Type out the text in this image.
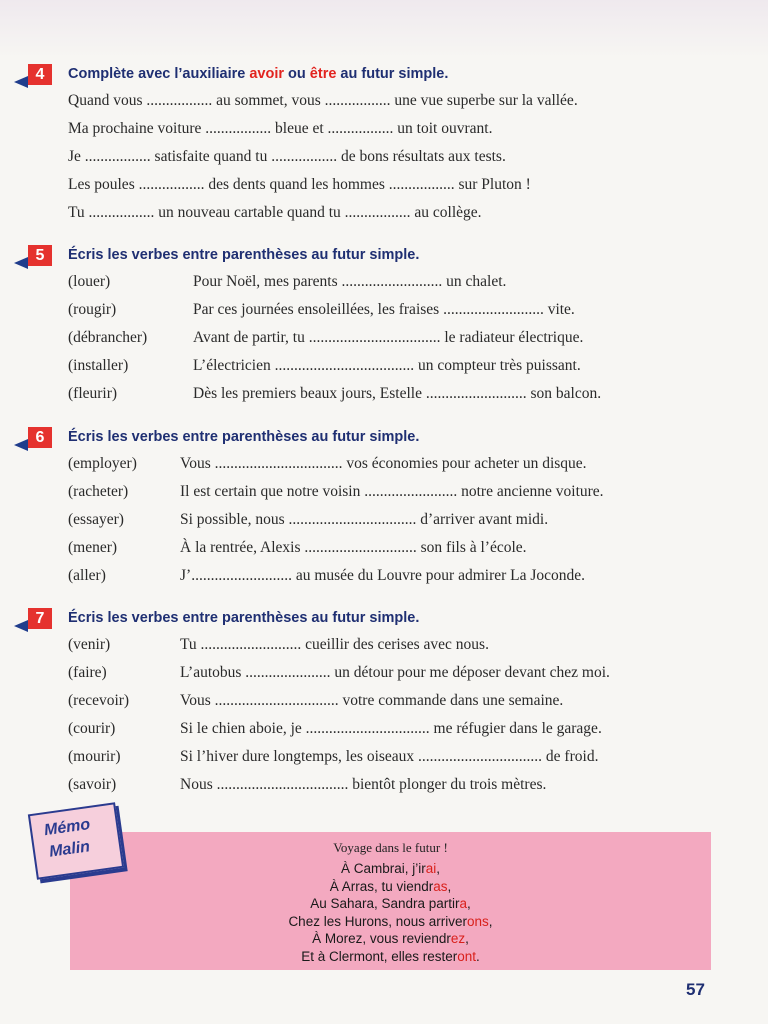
4	Complète avec l’auxiliaire avoir ou être au futur simple.
Quand vous ................. au sommet, vous ................. une vue superbe sur la vallée.
Ma prochaine voiture ................. bleue et ................. un toit ouvrant.
Je ................. satisfaite quand tu ................. de bons résultats aux tests.
Les poules ................. des dents quand les hommes ................. sur Pluton !
Tu ................. un nouveau cartable quand tu ................. au collège.
5	Écris les verbes entre parenthèses au futur simple.
(louer)	Pour Noël, mes parents .......................... un chalet.
(rougir)	Par ces journées ensoleillées, les fraises .......................... vite.
(débrancher)	Avant de partir, tu .................................. le radiateur électrique.
(installer)	L’électricien .................................... un compteur très puissant.
(fleurir)	Dès les premiers beaux jours, Estelle .......................... son balcon.
6	Écris les verbes entre parenthèses au futur simple.
(employer)	Vous ................................. vos économies pour acheter un disque.
(racheter)	Il est certain que notre voisin ........................ notre ancienne voiture.
(essayer)	Si possible, nous ................................. d’arriver avant midi.
(mener)	À la rentrée, Alexis ............................. son fils à l’école.
(aller)	J’.......................... au musée du Louvre pour admirer La Joconde.
7	Écris les verbes entre parenthèses au futur simple.
(venir)	Tu .......................... cueillir des cerises avec nous.
(faire)	L’autobus ...................... un détour pour me déposer devant chez moi.
(recevoir)	Vous ................................ votre commande dans une semaine.
(courir)	Si le chien aboie, je ................................ me réfugier dans le garage.
(mourir)	Si l’hiver dure longtemps, les oiseaux ................................ de froid.
(savoir)	Nous .................................. bientôt plonger du trois mètres.
Voyage dans le futur !
À Cambrai, j’irai,
À Arras, tu viendras,
Au Sahara, Sandra partira,
Chez les Hurons, nous arriverons,
À Morez, vous reviendrez,
Et à Clermont, elles resteront.
Mémo
Malin
57
